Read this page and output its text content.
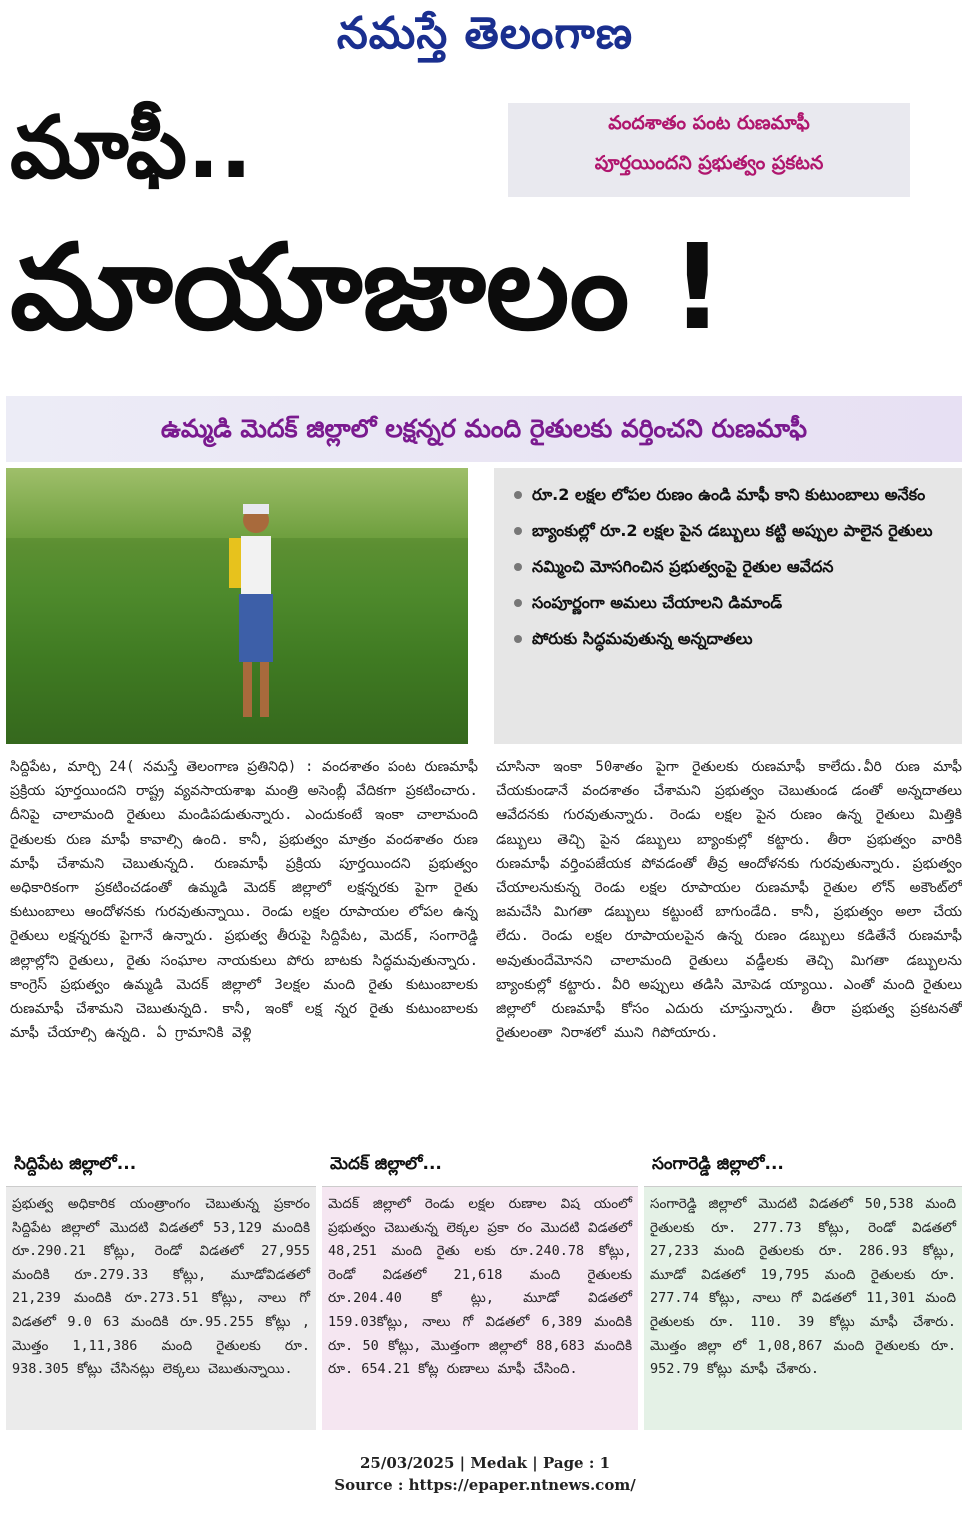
నమస్తే తెలంగాణ
మాఫీ..	వందశాతం పంట రుణమాఫీ
పూర్తయిందని ప్రభుత్వం ప్రకటన
మాయాజాలం !
ఉమ్మడి మెదక్ జిల్లాలో లక్షన్నర మంది రైతులకు వర్తించని రుణమాఫీ
రూ.2 లక్షల లోపల రుణం ఉండి మాఫీ కాని కుటుంబాలు అనేకం
బ్యాంకుల్లో రూ.2 లక్షల పైన డబ్బులు కట్టి అప్పుల పాలైన రైతులు
నమ్మించి మోసగించిన ప్రభుత్వంపై రైతుల ఆవేదన
సంపూర్ణంగా అమలు చేయాలని డిమాండ్
పోరుకు సిద్ధమవుతున్న అన్నదాతలు
సిద్దిపేట, మార్చి 24( నమస్తే తెలంగాణ ప్రతినిధి) : వందశాతం పంట రుణమాఫీ ప్రక్రియ పూర్తయిందని రాష్ట్ర వ్యవసాయశాఖ మంత్రి అసెంబ్లీ వేదికగా ప్రకటించారు. దీనిపై చాలామంది రైతులు మండిపడుతున్నారు. ఎందుకంటే ఇంకా చాలామంది రైతులకు రుణ మాఫీ కావాల్సి ఉంది. కానీ, ప్రభుత్వం మాత్రం వందశాతం రుణ మాఫీ చేశామని చెబుతున్నది. రుణమాఫీ ప్రక్రియ పూర్తయిందని ప్రభుత్వం అధికారికంగా ప్రకటించడంతో ఉమ్మడి మెదక్ జిల్లాలో లక్షన్నరకు పైగా రైతు కుటుంబాలు ఆందోళనకు గురవుతున్నాయి. రెండు లక్షల రూపాయల లోపల ఉన్న రైతులు లక్షన్నరకు పైగానే ఉన్నారు. ప్రభుత్వ తీరుపై సిద్దిపేట, మెదక్, సంగారెడ్డి జిల్లాల్లోని రైతులు, రైతు సంఘాల నాయకులు పోరు బాటకు సిద్ధమవుతున్నారు. కాంగ్రెస్ ప్రభుత్వం ఉమ్మడి మెదక్ జిల్లాలో 3లక్షల మంది రైతు కుటుంబాలకు రుణమాఫీ చేశామని చెబుతున్నది. కానీ, ఇంకో లక్ష న్నర రైతు కుటుంబాలకు మాఫీ చేయాల్సి ఉన్నది. ఏ గ్రామానికి వెళ్లి
చూసినా ఇంకా 50శాతం పైగా రైతులకు రుణమాఫీ కాలేదు.వీరి రుణ మాఫీ చేయకుండానే వందశాతం చేశామని ప్రభుత్వం చెబుతుండ డంతో అన్నదాతలు ఆవేదనకు గురవుతున్నారు. రెండు లక్షల పైన రుణం ఉన్న రైతులు మిత్తికి డబ్బులు తెచ్చి పైన డబ్బులు బ్యాంకుల్లో కట్టారు. తీరా ప్రభుత్వం వారికి రుణమాఫీ వర్తింపజేయక పోవడంతో తీవ్ర ఆందోళనకు గురవుతున్నారు. ప్రభుత్వం చేయాలనుకున్న రెండు లక్షల రూపాయల రుణమాఫీ రైతుల లోన్ అకౌంట్‌లో జమచేసి మిగతా డబ్బులు కట్టుంటే బాగుండేది. కానీ, ప్రభుత్వం అలా చేయ లేదు. రెండు లక్షల రూపాయలపైన ఉన్న రుణం డబ్బులు కడితేనే రుణమాఫీ అవుతుందేమోనని చాలామంది రైతులు వడ్డీలకు తెచ్చి మిగతా డబ్బులను బ్యాంకుల్లో కట్టారు. వీరి అప్పులు తడిసి మోపెడ య్యాయి. ఎంతో మంది రైతులు జిల్లాలో రుణమాఫీ కోసం ఎదురు చూస్తున్నారు. తీరా ప్రభుత్వ ప్రకటనతో రైతులంతా నిరాశలో ముని గిపోయారు.
సిద్దిపేట జిల్లాలో...

ప్రభుత్వ అధికారిక యంత్రాంగం చెబుతున్న ప్రకారం సిద్దిపేట జిల్లాలో మొదటి విడతలో 53,129 మందికి రూ.290.21 కోట్లు, రెండో విడతలో 27,955 మందికి రూ.279.33 కోట్లు, మూడోవిడతలో 21,239 మందికి రూ.273.51 కోట్లు, నాలు గో విడతలో 9.0 63 మందికి రూ.95.255 కోట్లు , మొత్తం 1,11,386 మంది రైతులకు రూ. 938.305 కోట్లు చేసినట్లు లెక్కలు చెబుతున్నాయి.

మెదక్ జిల్లాలో...

మెదక్ జిల్లాలో రెండు లక్షల రుణాల విష యంలో ప్రభుత్వం చెబుతున్న లెక్కల ప్రకా రం మొదటి విడతలో 48,251 మంది రైతు లకు రూ.240.78 కోట్లు, రెండో విడతలో 21,618 మంది రైతులకు రూ.204.40 కో ట్లు, మూడో విడతలో 159.03కోట్లు, నాలు గో విడతలో 6,389 మందికి రూ. 50 కోట్లు, మొత్తంగా జిల్లాలో 88,683 మందికి రూ. 654.21 కోట్ల రుణాలు మాఫీ చేసింది.

సంగారెడ్డి జిల్లాలో...

సంగారెడ్డి జిల్లాలో మొదటి విడతలో 50,538 మంది రైతులకు రూ. 277.73 కోట్లు, రెండో విడతలో 27,233 మంది రైతులకు రూ. 286.93 కోట్లు, మూడో విడతలో 19,795 మంది రైతులకు రూ. 277.74 కోట్లు, నాలు గో విడతలో 11,301 మంది రైతులకు రూ. 110. 39 కోట్లు మాఫీ చేశారు. మొత్తం జిల్లా లో 1,08,867 మంది రైతులకు రూ. 952.79 కోట్లు మాఫీ చేశారు.

25/03/2025 | Medak | Page : 1
Source : https://epaper.ntnews.com/
